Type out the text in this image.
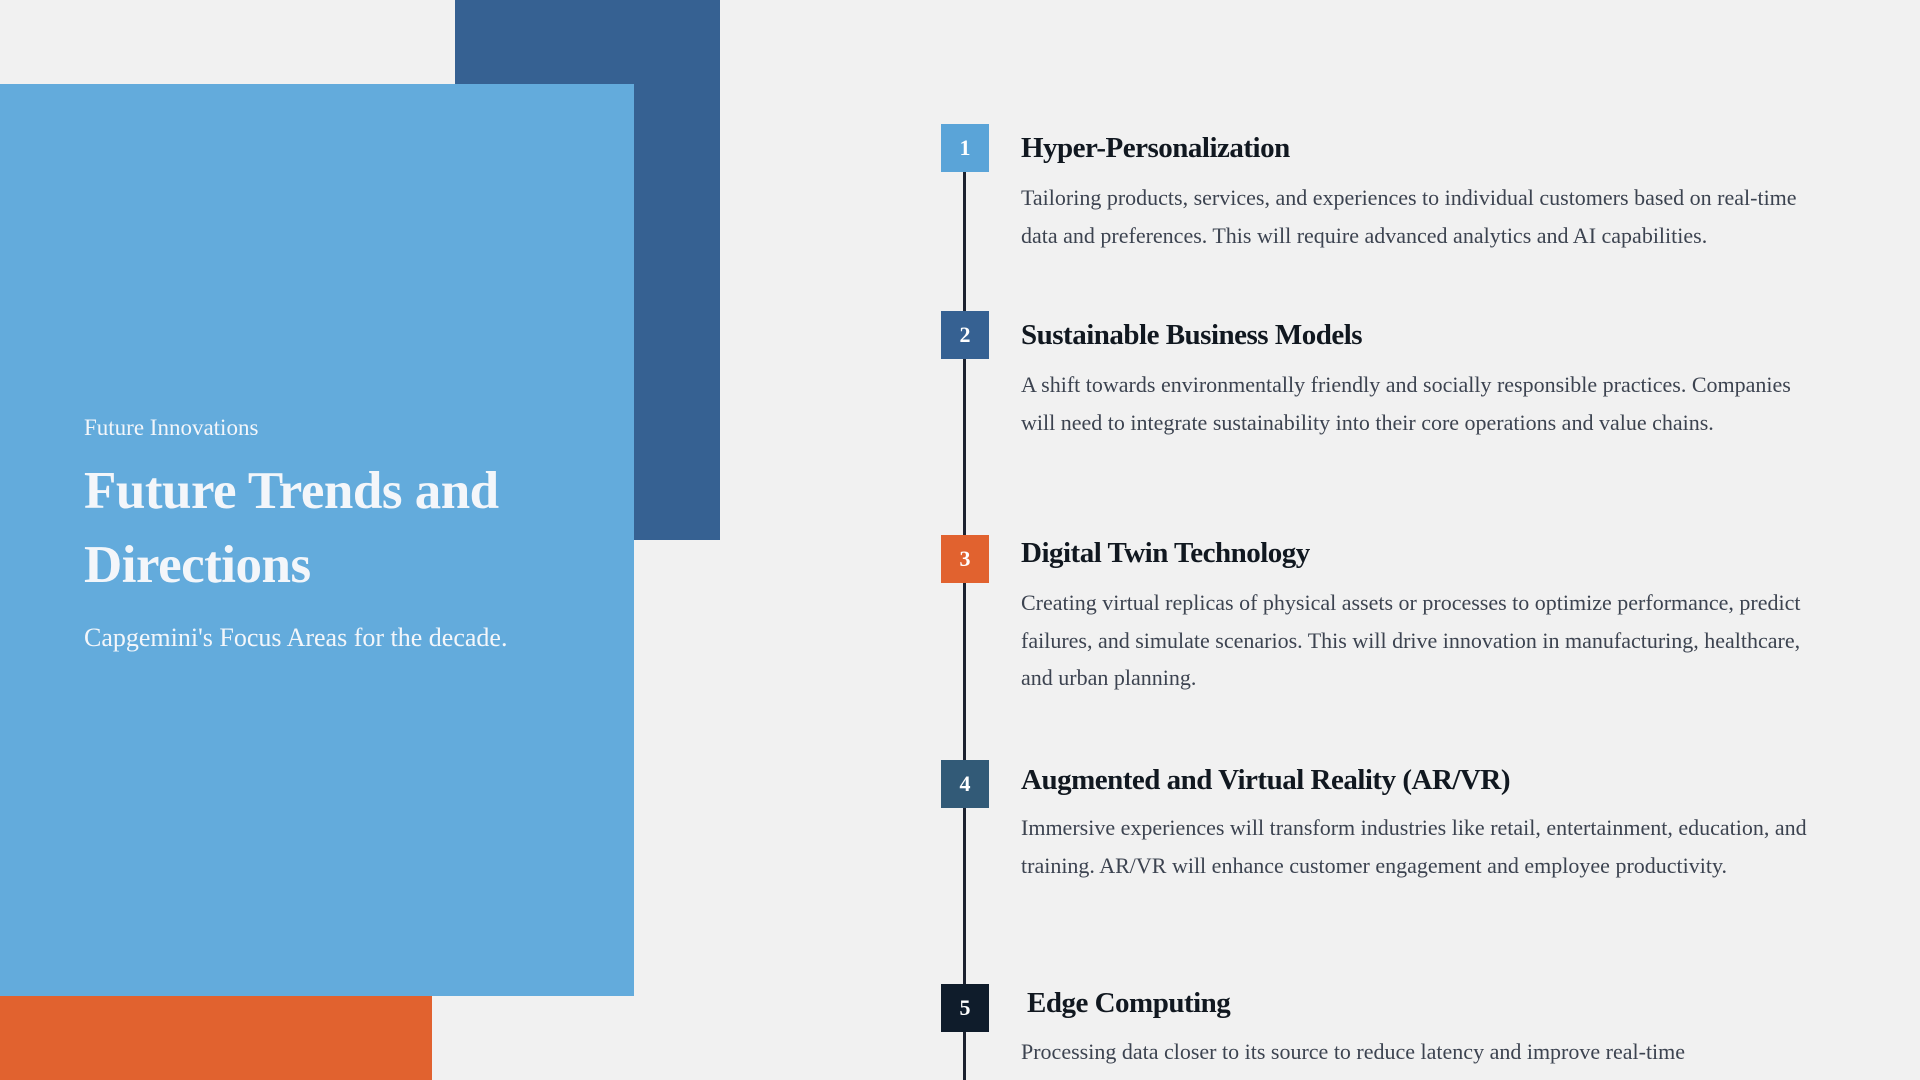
Future Innovations

Future Trends and Directions

Capgemini's Focus Areas for the decade.

1	Hyper-Personalization

Tailoring products, services, and experiences to individual customers based on real-time data and preferences. This will require advanced analytics and AI capabilities.

2	Sustainable Business Models

A shift towards environmentally friendly and socially responsible practices. Companies will need to integrate sustainability into their core operations and value chains.

3	Digital Twin Technology

Creating virtual replicas of physical assets or processes to optimize performance, predict failures, and simulate scenarios. This will drive innovation in manufacturing, healthcare, and urban planning.

4	Augmented and Virtual Reality (AR/VR)

Immersive experiences will transform industries like retail, entertainment, education, and training. AR/VR will enhance customer engagement and employee productivity.

5	Edge Computing

Processing data closer to its source to reduce latency and improve real-time
